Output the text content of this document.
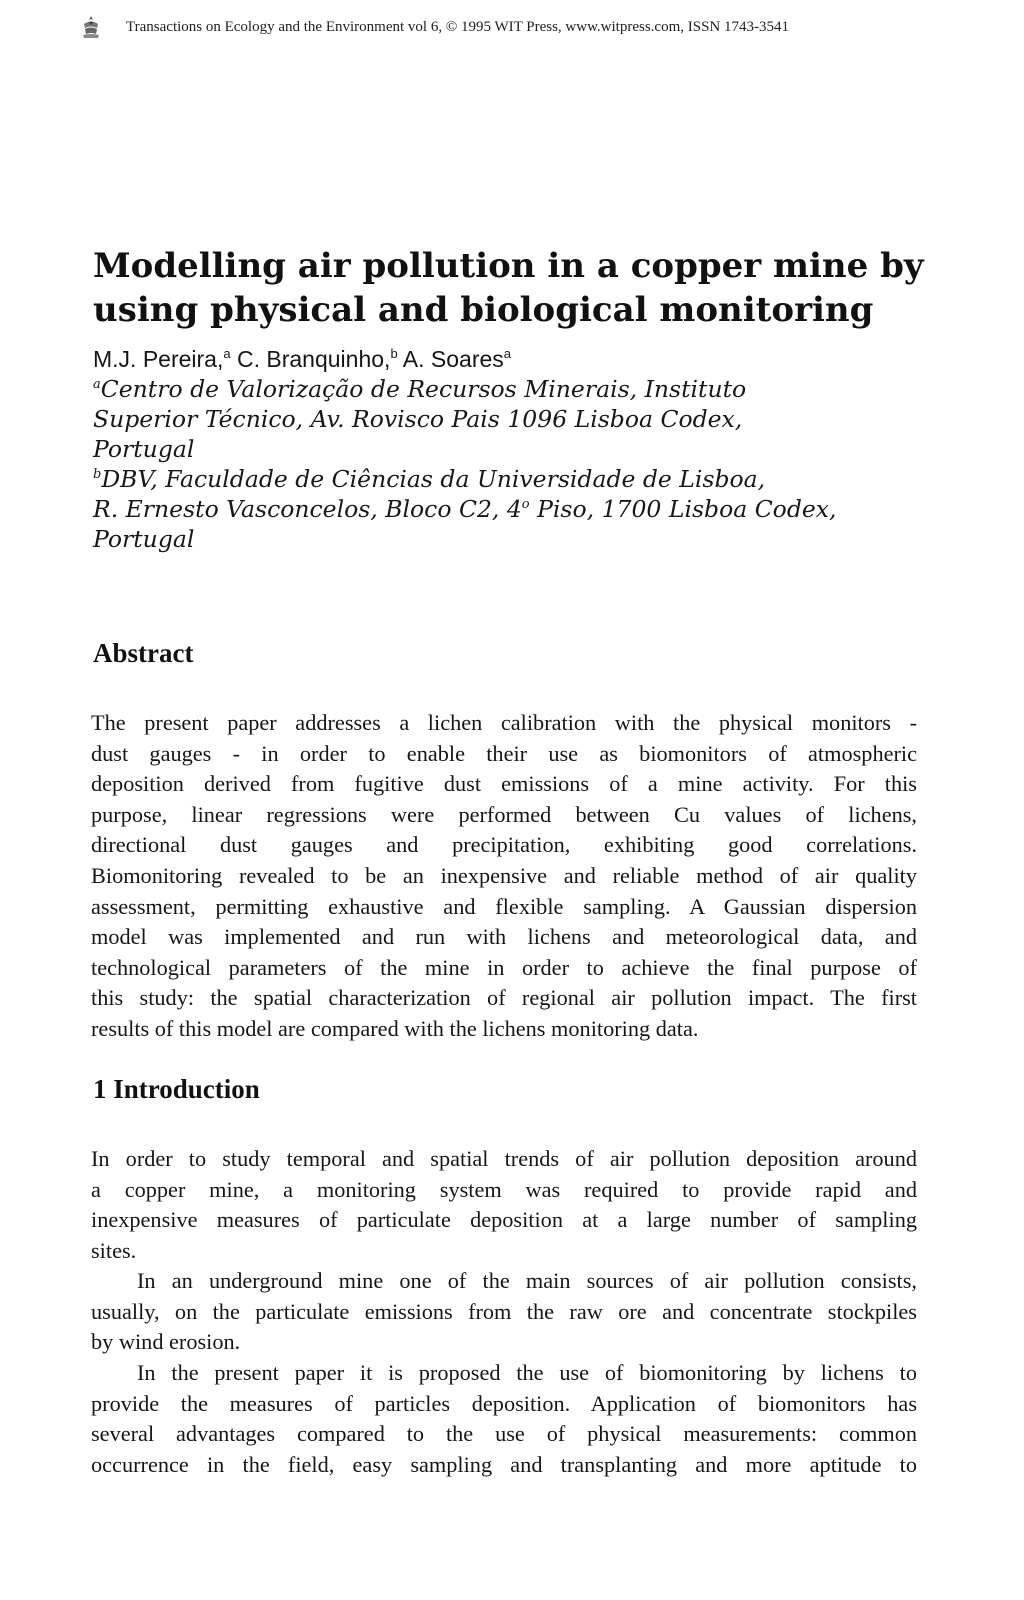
Transactions on Ecology and the Environment vol 6, © 1995 WIT Press, www.witpress.com, ISSN 1743-3541
Modelling air pollution in a copper mine by
using physical and biological monitoring
M.J. Pereira,$^a$ C. Branquinho,$^b$ A. Soares$^a$
$^a$Centro de Valorização de Recursos Minerais, Instituto
Superior Técnico, Av. Rovisco Pais 1096 Lisboa Codex,
Portugal
$^b$DBV, Faculdade de Ciências da Universidade de Lisboa,
R. Ernesto Vasconcelos, Bloco C2, 4$^o$ Piso, 1700 Lisboa Codex,
Portugal
Abstract
The present paper addresses a lichen calibration with the physical monitors -
dust gauges - in order to enable their use as biomonitors of atmospheric
deposition derived from fugitive dust emissions of a mine activity. For this
purpose, linear regressions were performed between Cu values of lichens,
directional dust gauges and precipitation, exhibiting good correlations.
Biomonitoring revealed to be an inexpensive and reliable method of air quality
assessment, permitting exhaustive and flexible sampling. A Gaussian dispersion
model was implemented and run with lichens and meteorological data, and
technological parameters of the mine in order to achieve the final purpose of
this study: the spatial characterization of regional air pollution impact. The first
results of this model are compared with the lichens monitoring data.
1 Introduction
In order to study temporal and spatial trends of air pollution deposition around
a copper mine, a monitoring system was required to provide rapid and
inexpensive measures of particulate deposition at a large number of sampling
sites.
In an underground mine one of the main sources of air pollution consists,
usually, on the particulate emissions from the raw ore and concentrate stockpiles
by wind erosion.
In the present paper it is proposed the use of biomonitoring by lichens to
provide the measures of particles deposition. Application of biomonitors has
several advantages compared to the use of physical measurements: common
occurrence in the field, easy sampling and transplanting and more aptitude to
